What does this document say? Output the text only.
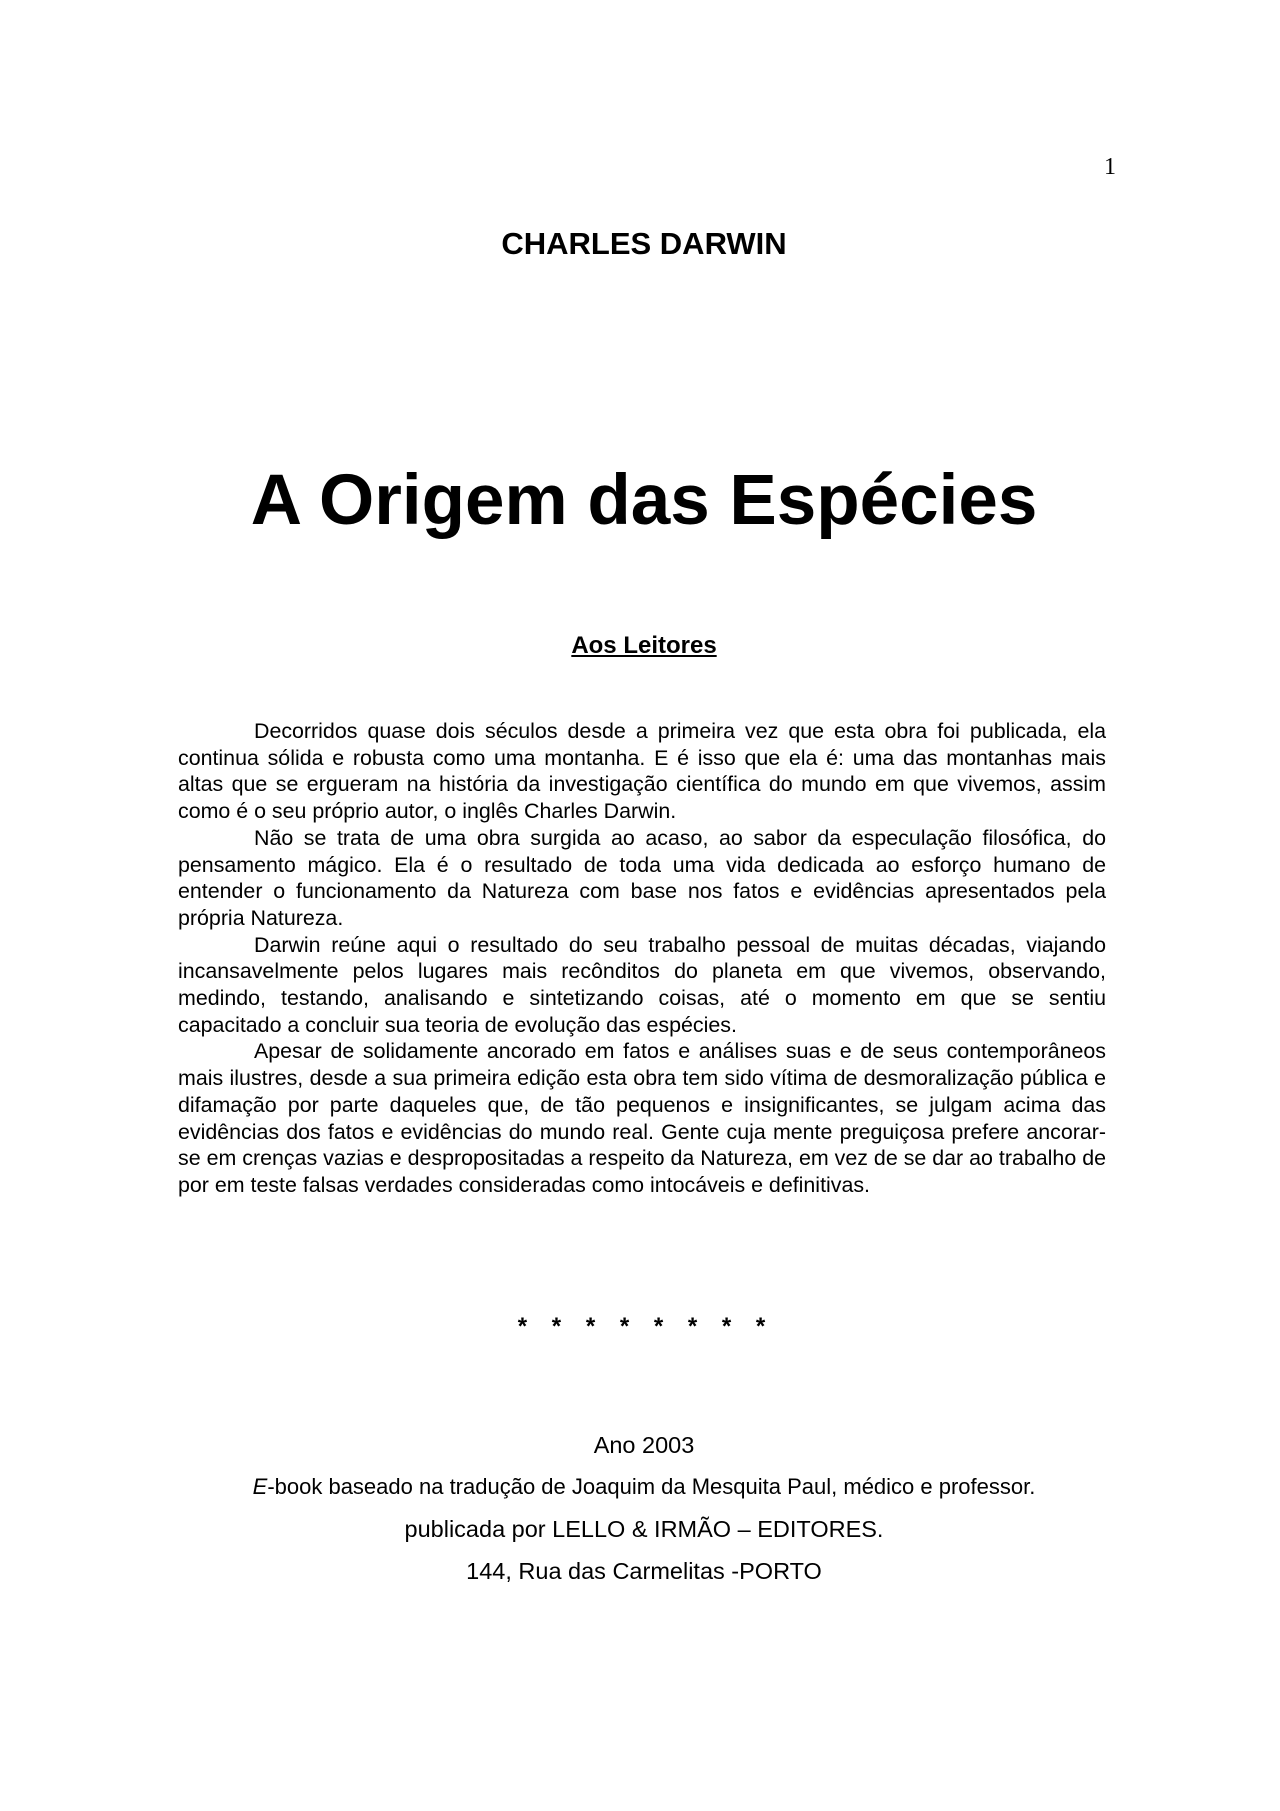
1
CHARLES DARWIN
A Origem das Espécies
Aos Leitores

Decorridos quase dois séculos desde a primeira vez que esta obra foi publicada, ela continua sólida e robusta como uma montanha. E é isso que ela é: uma das montanhas mais altas que se ergueram na história da investigação científica do mundo em que vivemos, assim como é o seu próprio autor, o inglês Charles Darwin.

Não se trata de uma obra surgida ao acaso, ao sabor da especulação filosófica, do pensamento mágico. Ela é o resultado de toda uma vida dedicada ao esforço humano de entender o funcionamento da Natureza com base nos fatos e evidências apresentados pela própria Natureza.

Darwin reúne aqui o resultado do seu trabalho pessoal de muitas décadas, viajando incansavelmente pelos lugares mais recônditos do planeta em que vivemos, observando, medindo, testando, analisando e sintetizando coisas, até o momento em que se sentiu capacitado a concluir sua teoria de evolução das espécies.

Apesar de solidamente ancorado em fatos e análises suas e de seus contemporâneos mais ilustres, desde a sua primeira edição esta obra tem sido vítima de desmoralização pública e difamação por parte daqueles que, de tão pequenos e insignificantes, se julgam acima das evidências dos fatos e evidências do mundo real. Gente cuja mente preguiçosa prefere ancorar-se em crenças vazias e despropositadas a respeito da Natureza, em vez de se dar ao trabalho de por em teste falsas verdades consideradas como intocáveis e definitivas.

* * * * * * * *
Ano 2003
E-book baseado na tradução de Joaquim da Mesquita Paul, médico e professor.
publicada por LELLO & IRMÃO – EDITORES.
144, Rua das Carmelitas -PORTO
